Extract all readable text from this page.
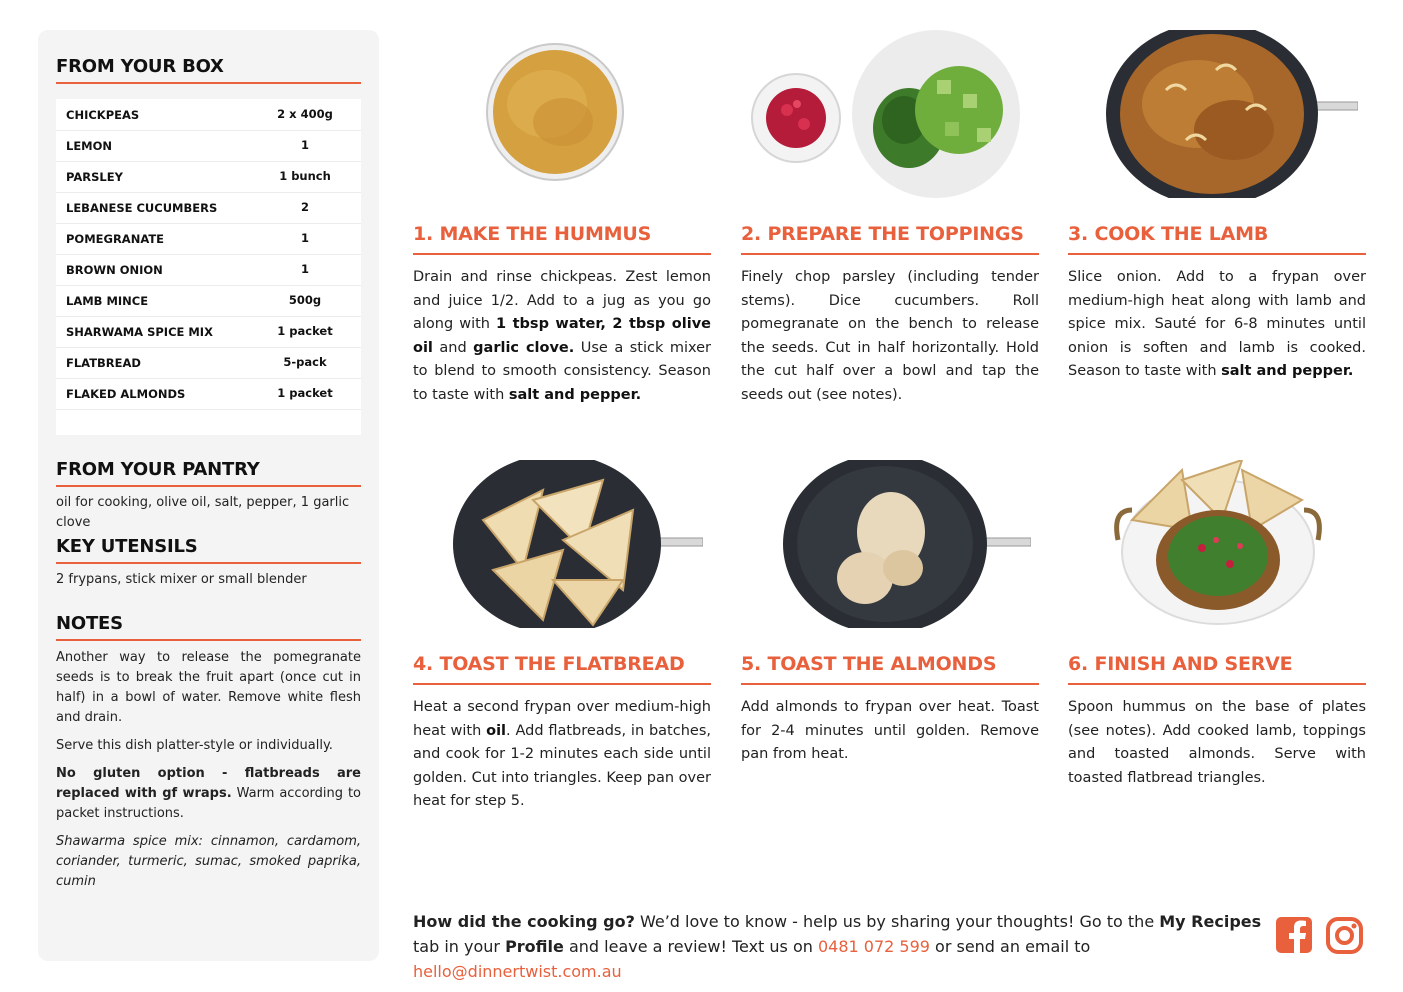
FROM YOUR BOX
CHICKPEAS	2 x 400g
LEMON	1
PARSLEY	1 bunch
LEBANESE CUCUMBERS	2
POMEGRANATE	1
BROWN ONION	1
LAMB MINCE	500g
SHARWAMA SPICE MIX	1 packet
FLATBREAD	5-pack
FLAKED ALMONDS	1 packet
FROM YOUR PANTRY
oil for cooking, olive oil, salt, pepper, 1 garlic clove
KEY UTENSILS
2 frypans, stick mixer or small blender
NOTES

Another way to release the pomegranate seeds is to break the fruit apart (once cut in half) in a bowl of water. Remove white flesh and drain.

Serve this dish platter-style or individually.

No gluten option - flatbreads are replaced with gf wraps. Warm according to packet instructions.

Shawarma spice mix: cinnamon, cardamom, coriander, turmeric, sumac, smoked paprika, cumin

1. MAKE THE HUMMUS
Drain and rinse chickpeas. Zest lemon and juice 1/2. Add to a jug as you go along with 1 tbsp water, 2 tbsp olive oil and garlic clove. Use a stick mixer to blend to smooth consistency. Season to taste with salt and pepper.
2. PREPARE THE TOPPINGS
Finely chop parsley (including tender stems). Dice cucumbers. Roll pomegranate on the bench to release the seeds. Cut in half horizontally. Hold the cut half over a bowl and tap the seeds out (see notes).
3. COOK THE LAMB
Slice onion. Add to a frypan over medium-high heat along with lamb and spice mix. Sauté for 6-8 minutes until onion is soften and lamb is cooked. Season to taste with salt and pepper.
4. TOAST THE FLATBREAD
Heat a second frypan over medium-high heat with oil. Add flatbreads, in batches, and cook for 1-2 minutes each side until golden. Cut into triangles. Keep pan over heat for step 5.
5. TOAST THE ALMONDS
Add almonds to frypan over heat. Toast for 2-4 minutes until golden. Remove pan from heat.
6. FINISH AND SERVE
Spoon hummus on the base of plates (see notes). Add cooked lamb, toppings and toasted almonds. Serve with toasted flatbread triangles.
How did the cooking go? We’d love to know - help us by sharing your thoughts! Go to the My Recipes tab in your Profile and leave a review! Text us on 0481 072 599 or send an email to hello@dinnertwist.com.au
